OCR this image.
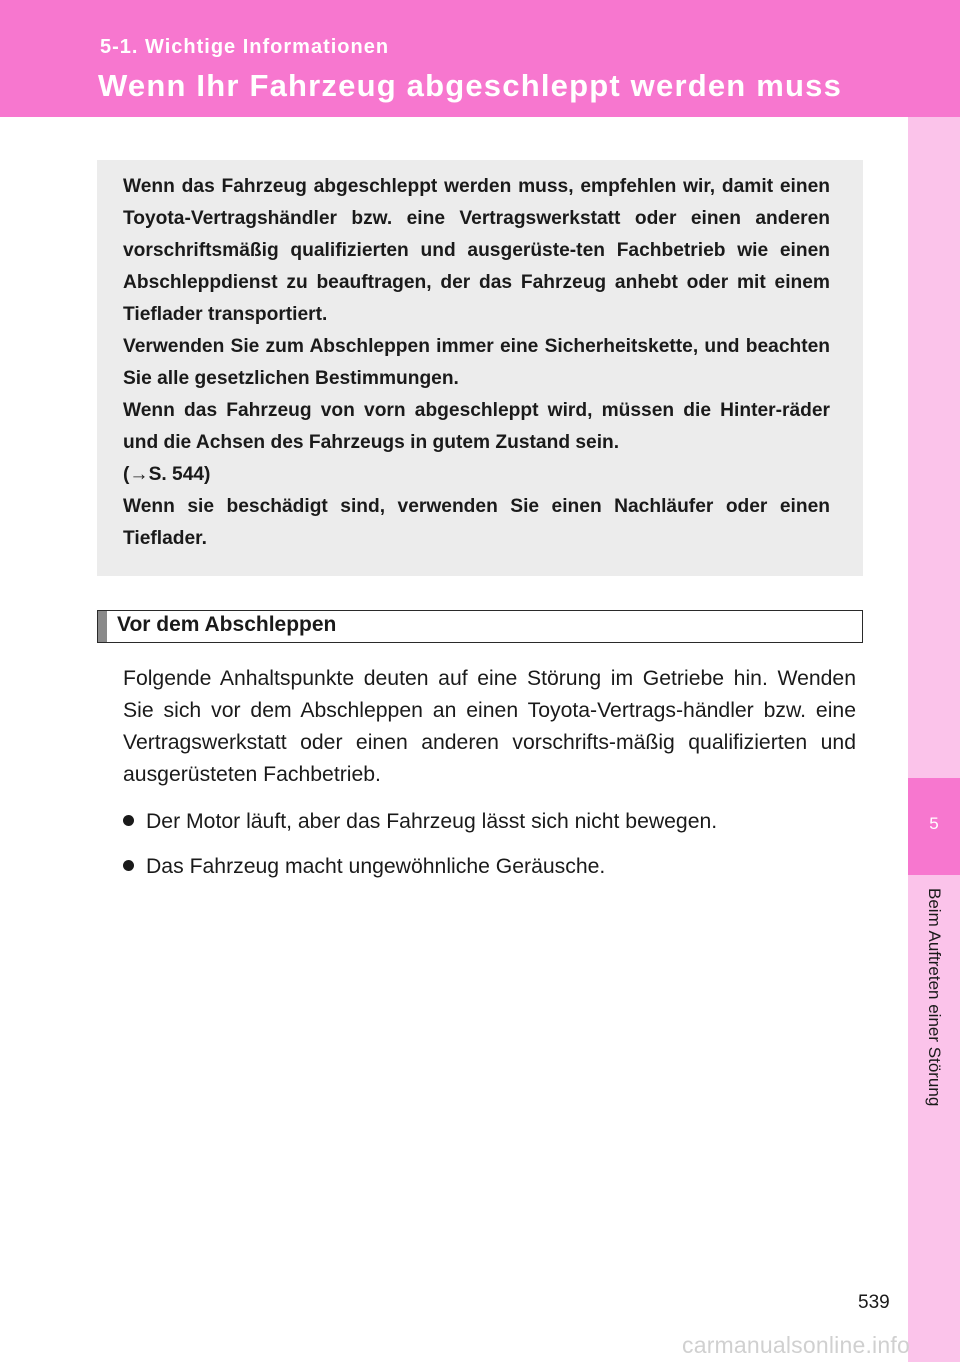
5-1. Wichtige Informationen
Wenn Ihr Fahrzeug abgeschleppt werden muss
5
Beim Auftreten einer Störung

Wenn das Fahrzeug abgeschleppt werden muss, empfehlen wir, damit einen Toyota-Vertragshändler bzw. eine Vertragswerkstatt oder einen anderen vorschriftsmäßig qualifizierten und ausgerüste-ten Fachbetrieb wie einen Abschleppdienst zu beauftragen, der das Fahrzeug anhebt oder mit einem Tieflader transportiert.

Verwenden Sie zum Abschleppen immer eine Sicherheitskette, und beachten Sie alle gesetzlichen Bestimmungen.

Wenn das Fahrzeug von vorn abgeschleppt wird, müssen die Hinter-räder und die Achsen des Fahrzeugs in gutem Zustand sein.

(→S. 544)

Wenn sie beschädigt sind, verwenden Sie einen Nachläufer oder einen Tieflader.

Vor dem Abschleppen

Folgende Anhaltspunkte deuten auf eine Störung im Getriebe hin. Wenden Sie sich vor dem Abschleppen an einen Toyota-Vertrags-händler bzw. eine Vertragswerkstatt oder einen anderen vorschrifts-mäßig qualifizierten und ausgerüsteten Fachbetrieb.

Der Motor läuft, aber das Fahrzeug lässt sich nicht bewegen.
Das Fahrzeug macht ungewöhnliche Geräusche.
539
carmanualsonline.info
